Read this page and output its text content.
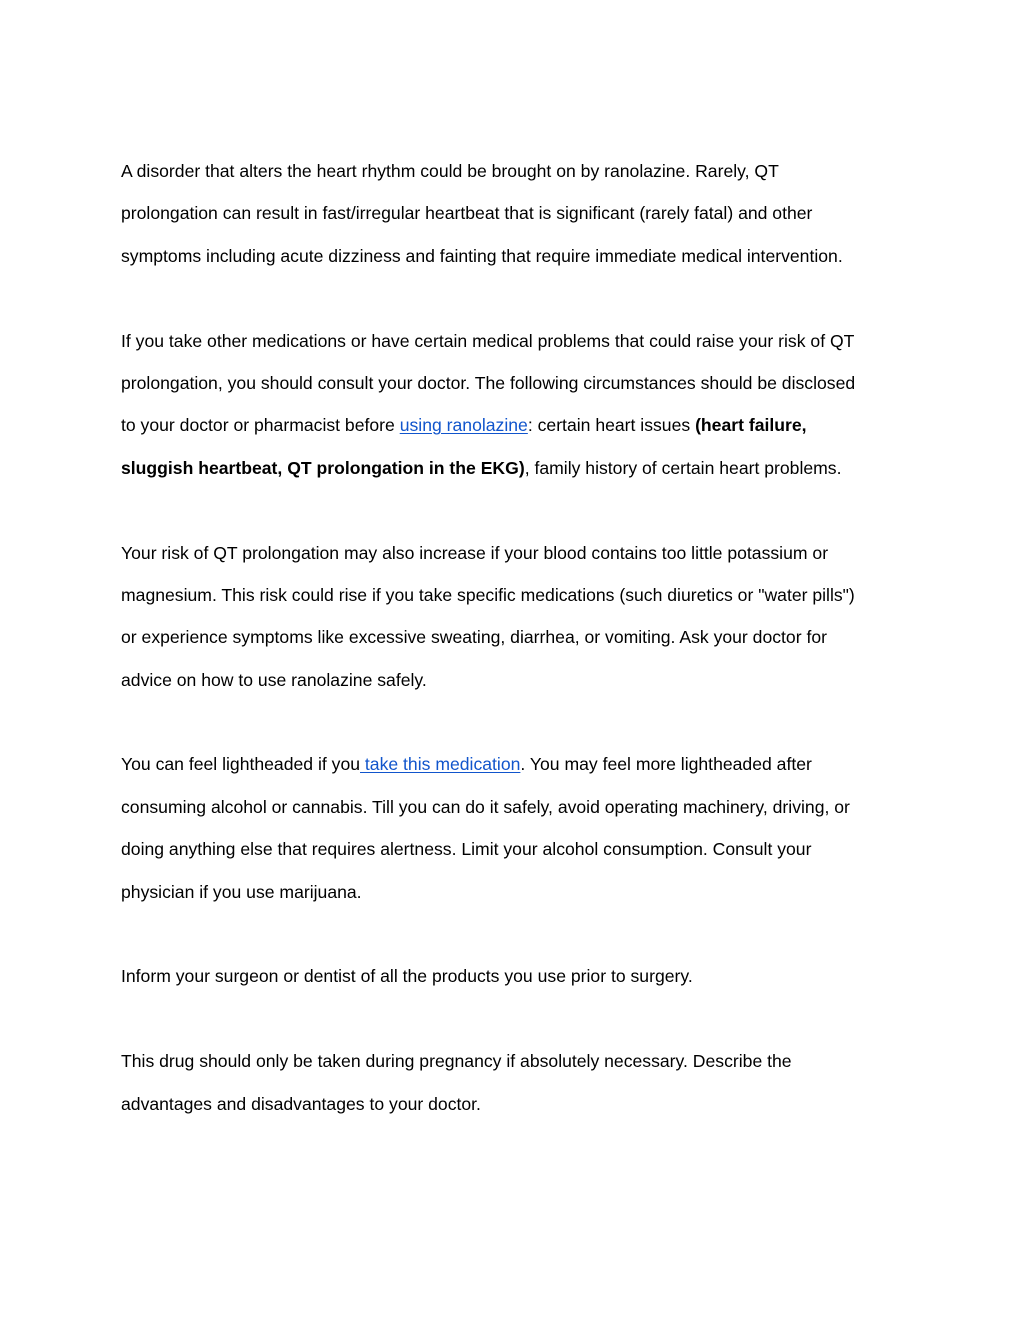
A disorder that alters the heart rhythm could be brought on by ranolazine. Rarely, QT
prolongation can result in fast/irregular heartbeat that is significant (rarely fatal) and other
symptoms including acute dizziness and fainting that require immediate medical intervention.

If you take other medications or have certain medical problems that could raise your risk of QT
prolongation, you should consult your doctor. The following circumstances should be disclosed
to your doctor or pharmacist before using ranolazine: certain heart issues (heart failure,
sluggish heartbeat, QT prolongation in the EKG), family history of certain heart problems.

Your risk of QT prolongation may also increase if your blood contains too little potassium or
magnesium. This risk could rise if you take specific medications (such diuretics or "water pills")
or experience symptoms like excessive sweating, diarrhea, or vomiting. Ask your doctor for
advice on how to use ranolazine safely.

You can feel lightheaded if you take this medication. You may feel more lightheaded after
consuming alcohol or cannabis. Till you can do it safely, avoid operating machinery, driving, or
doing anything else that requires alertness. Limit your alcohol consumption. Consult your
physician if you use marijuana.

Inform your surgeon or dentist of all the products you use prior to surgery.

This drug should only be taken during pregnancy if absolutely necessary. Describe the
advantages and disadvantages to your doctor.
